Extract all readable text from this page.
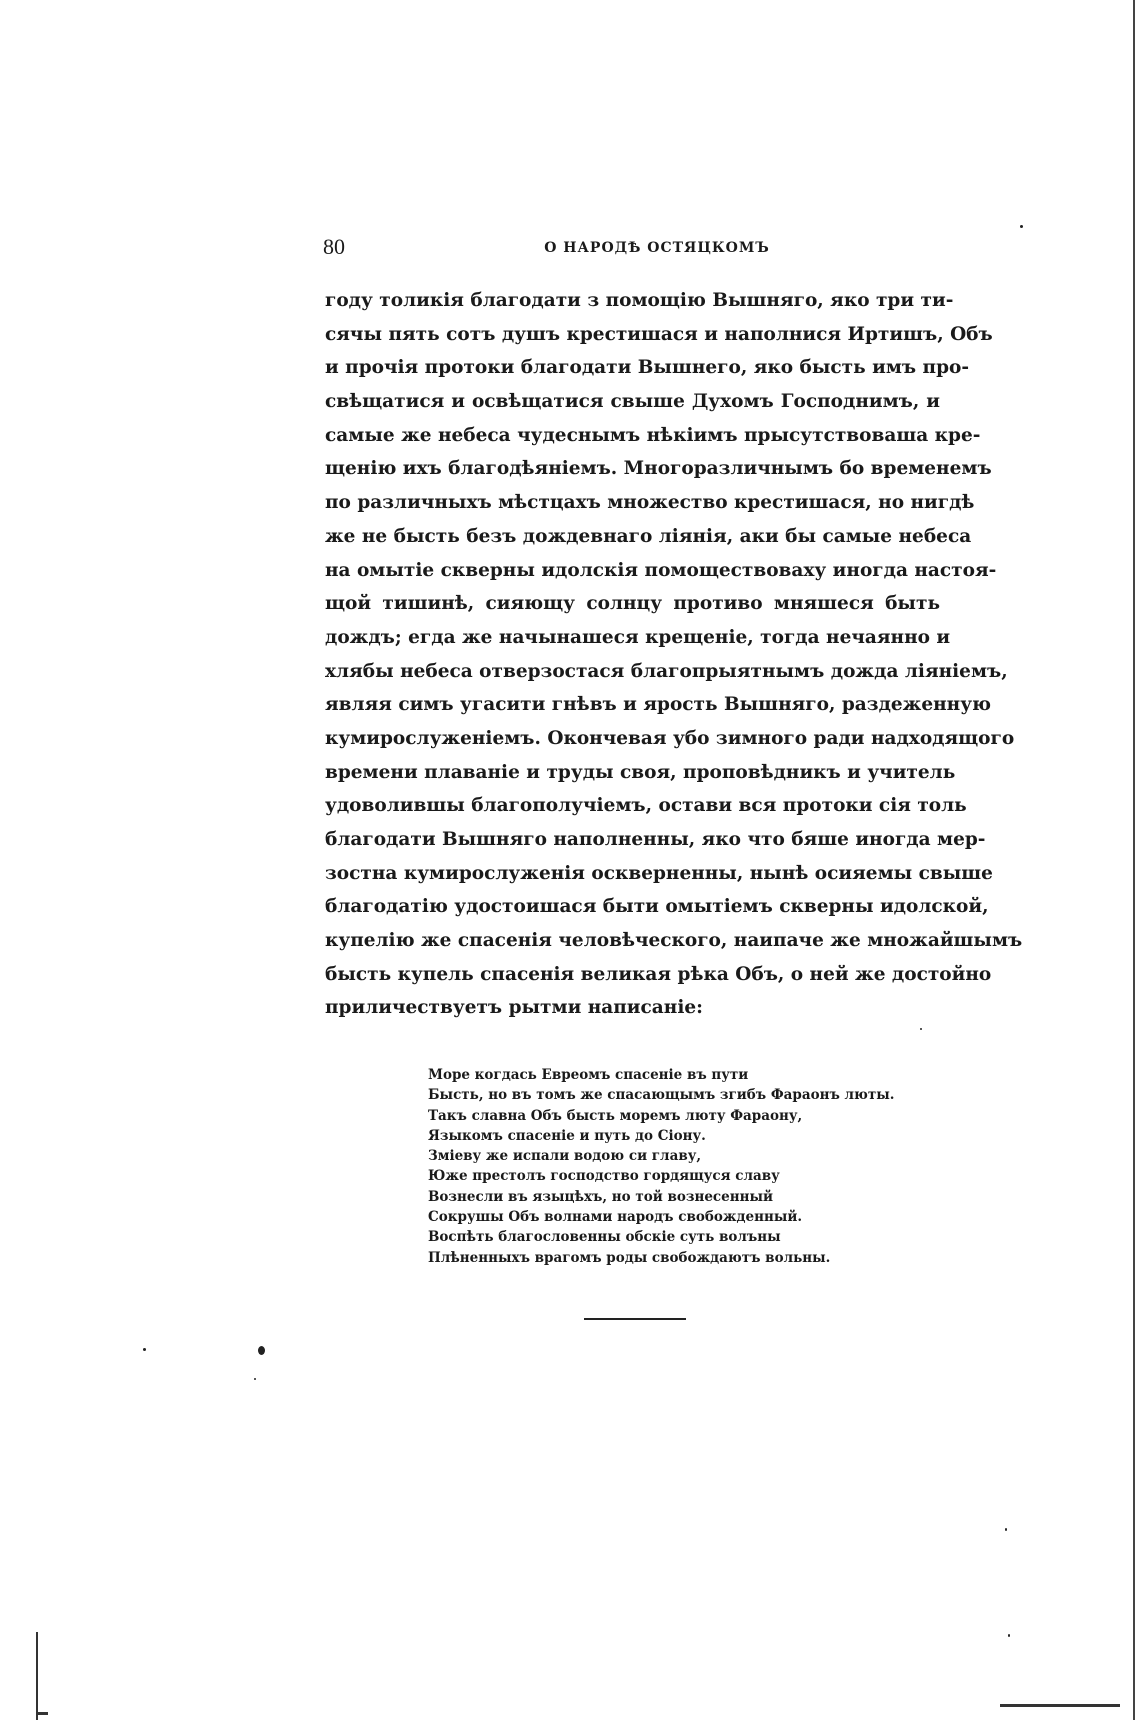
80	О НАРОДѢ ОСТЯЦКОМЪ
году толикія благодати з помощію Вышняго, яко три ти-
сячы пять сотъ душъ крестишася и наполнися Иртишъ, Объ
и прочія протоки благодати Вышнего, яко бысть имъ про-
свѣщатися и освѣщатися свыше Духомъ Господнимъ, и
самые же небеса чудеснымъ нѣкіимъ прысутствоваша кре-
щенію ихъ благодѣяніемъ. Многоразличнымъ бо временемъ
по различныхъ мѣстцахъ множество крестишася, но нигдѣ
же не бысть безъ дождевнаго ліянія, аки бы самые небеса
на омытіе скверны идолскія помоществоваху иногда настоя-
щой тишинѣ, сияющу солнцу противо мняшеся быть
дождъ; егда же начынашеся крещеніе, тогда нечаянно и
хлябы небеса отверзостася благопрыятнымъ дожда ліяніемъ,
являя симъ угасити гнѣвъ и ярость Вышняго, раздеженную
кумирослуженіемъ. Окончевая убо зимного ради надходящого
времени плаваніе и труды своя, проповѣдникъ и учитель
удоволившы благополучіемъ, остави вся протоки сія толь
благодати Вышняго наполненны, яко что бяше иногда мер-
зостна кумирослуженія оскверненны, нынѣ осияемы свыше
благодатію удостоишася быти омытіемъ скверны идолской,
купелію же спасенія человѣческого, наипаче же множайшымъ
бысть купель спасенія великая рѣка Объ, о ней же достойно
приличествуетъ рытми написаніе:
Море когдась Евреомъ спасеніе въ пути
Бысть, но въ томъ же спасающымъ згибъ Фараонъ люты.
Такъ славна Объ бысть моремъ люту Фараону,
Языкомъ спасеніе и путь до Сіону.
Зміеву же испали водою си главу,
Юже престолъ господство гордящуся славу
Вознесли въ языцѣхъ, но той вознесенный
Сокрушы Объ волнами народъ свобожденный.
Воспѣть благословенны обскіе суть волъны
Плѣненныхъ врагомъ роды свобождаютъ вольны.
